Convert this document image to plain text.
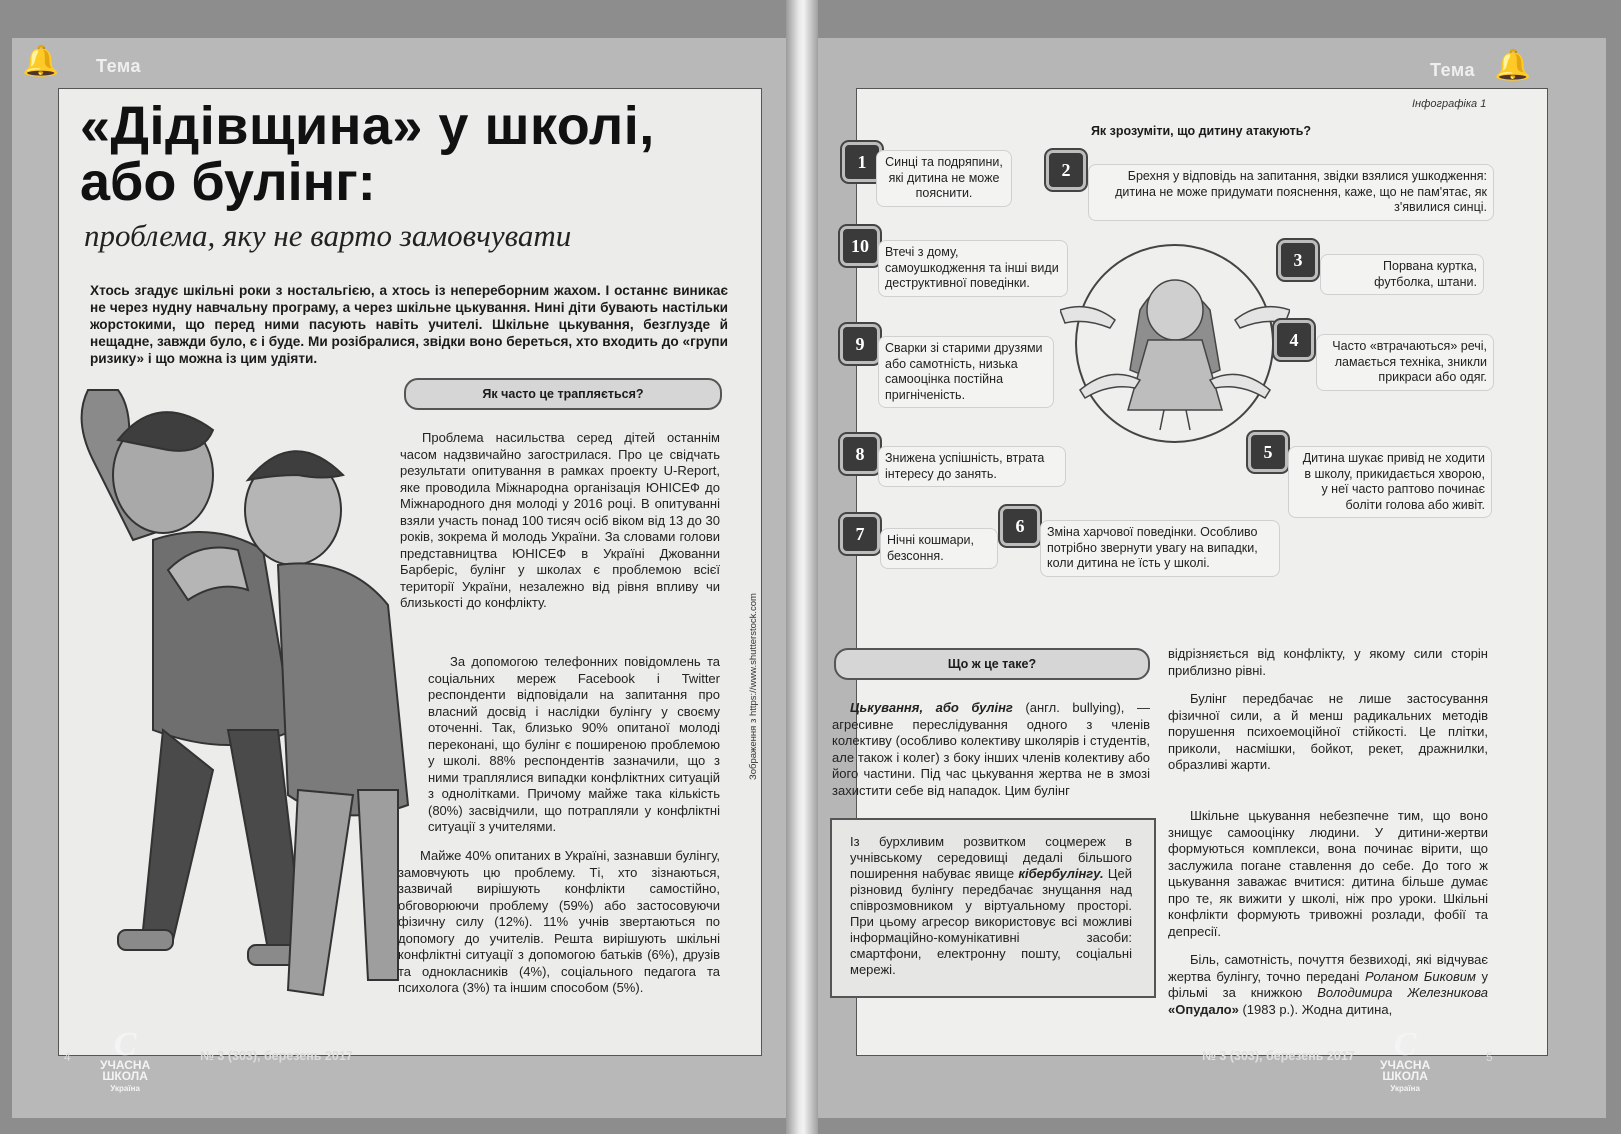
🔔 Тема
«Дідівщина» у школі,
або булінг:
проблема, яку не варто замовчувати
Хтось згадує шкільні роки з ностальгією, а хтось із непереборним жахом. І останнє виникає не через нудну навчальну програму, а через шкільне цькування. Нині діти бувають настільки жорстокими, що перед ними пасують навіть учителі. Шкільне цькування, безглузде й нещадне, завжди було, є і буде. Ми розібралися, звідки воно береться, хто входить до «групи ризику» і що можна із цим удіяти.
Як часто це трапляється?

Проблема насильства серед дітей останнім часом надзвичайно загострилася. Про це свідчать результати опитування в рамках проекту U-Report, яке проводила Міжнародна організація ЮНІСЕФ до Міжнародного дня молоді у 2016 році. В опитуванні взяли участь понад 100 тисяч осіб віком від 13 до 30 років, зокрема й молодь України. За словами голови представництва ЮНІСЕФ в Україні Джованни Барберіс, булінг у школах є проблемою всієї території України, незалежно від рівня впливу чи близькості до конфлікту.

За допомогою телефонних повідомлень та соціальних мереж Facebook і Twitter респонденти відповідали на запитання про власний досвід і наслідки булінгу у своєму оточенні. Так, близько 90% опитаної молоді переконані, що булінг є поширеною проблемою у школі. 88% респондентів зазначили, що з ними траплялися випадки конфліктних ситуацій з однолітками. Причому майже така кількість (80%) засвідчили, що потрапляли у конфліктні ситуації з учителями.

Майже 40% опитаних в Україні, зазнавши булінгу, замовчують цю проблему. Ті, хто зізнаються, зазвичай вирішують конфлікти самостійно, обговорюючи проблему (59%) або застосовуючи фізичну силу (12%). 11% учнів звертаються по допомогу до учителів. Решта вирішують шкільні конфліктні ситуації з допомогою батьків (6%), друзів та однокласників (4%), соціального педагога та психолога (3%) та іншим способом (5%).

Зображення з https://www.shutterstock.com
4	С
УЧАСНА
ШКОЛА
Україна
№ 3 (303), березень 2017
Тема 🔔
Інфографіка 1
Як зрозуміти, що дитину атакують?
1	Синці та подряпини, які дитина не може пояснити.
2	Брехня у відповідь на запитання, звідки взялися ушкодження: дитина не може придумати пояснення, каже, що не пам'ятає, як з'явилися синці.
10	Втечі з дому, самоушкодження та інші види деструктивної поведінки.
3	Порвана куртка, футболка, штани.
9	Сварки зі старими друзями або самотність, низька самооцінка постійна пригніченість.
4	Часто «втрачаються» речі, ламається техніка, зникли прикраси або одяг.
8	Знижена успішність, втрата інтересу до занять.
5	Дитина шукає привід не ходити в школу, прикидається хворою, у неї часто раптово починає боліти голова або живіт.
7	Нічні кошмари, безсоння.
6	Зміна харчової поведінки. Особливо потрібно звернути увагу на випадки, коли дитина не їсть у школі.
Що ж це таке?

Цькування, або булінг (англ. bullying), — агресивне переслідування одного з членів колективу (особливо колективу школярів і студентів, але також і колег) з боку інших членів колективу або його частини. Під час цькування жертва не в змозі захистити себе від нападок. Цим булінг

відрізняється від конфлікту, у якому сили сторін приблизно рівні.

Булінг передбачає не лише застосування фізичної сили, а й менш радикальних методів порушення психоемоційної стійкості. Це плітки, приколи, насмішки, бойкот, рекет, дражнилки, образливі жарти.

Шкільне цькування небезпечне тим, що воно знищує самооцінку людини. У дитини-жертви формуються комплекси, вона починає вірити, що заслужила погане ставлення до себе. До того ж цькування заважає вчитися: дитина більше думає про те, як вижити у школі, ніж про уроки. Шкільні конфлікти формують тривожні розлади, фобії та депресії.

Біль, самотність, почуття безвиході, які відчуває жертва булінгу, точно передані Роланом Биковим у фільмі за книжкою Володимира Железникова «Опудало» (1983 р.). Жодна дитина,

Із бурхливим розвитком соцмереж в учнівському середовищі дедалі більшого поширення набуває явище кібербулінгу. Цей різновид булінгу передбачає знущання над співрозмовником у віртуальному просторі. При цьому агресор використовує всі можливі інформаційно-комунікативні засоби: смартфони, електронну пошту, соціальні мережі.
№ 3 (303), березень 2017	С
УЧАСНА
ШКОЛА
Україна
5
